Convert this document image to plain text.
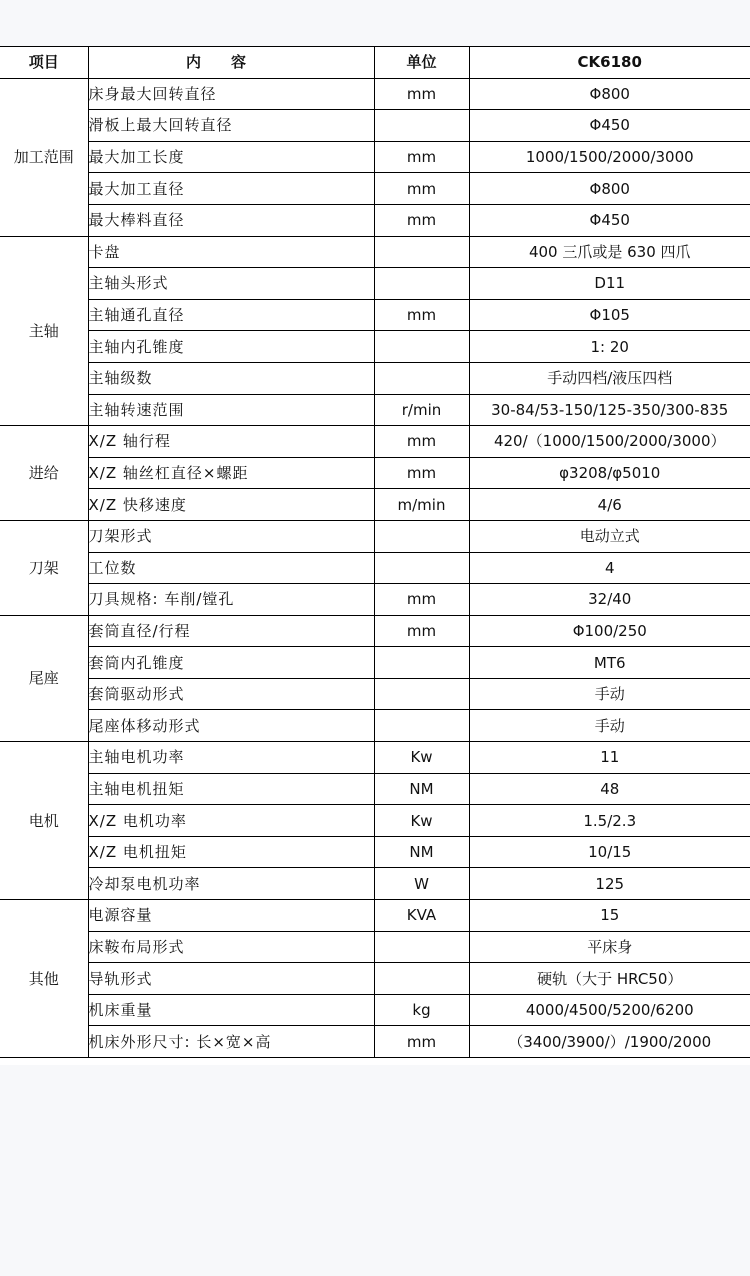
项目	内容	单位	CK6180
加工范围	床身最大回转直径	mm	Φ800
	滑板上最大回转直径		Φ450
	最大加工长度	mm	1000/1500/2000/3000
	最大加工直径	mm	Φ800
	最大棒料直径	mm	Φ450
主轴	卡盘		400 三爪或是 630 四爪
	主轴头形式		D11
	主轴通孔直径	mm	Φ105
	主轴内孔锥度		1: 20
	主轴级数		手动四档/液压四档
	主轴转速范围	r/min	30-84/53-150/125-350/300-835
进给	X/Z 轴行程	mm	420/（1000/1500/2000/3000）
	X/Z 轴丝杠直径×螺距	mm	φ3208/φ5010
	X/Z 快移速度	m/min	4/6
刀架	刀架形式		电动立式
	工位数		4
	刀具规格: 车削/镗孔	mm	32/40
尾座	套筒直径/行程	mm	Φ100/250
	套筒内孔锥度		MT6
	套筒驱动形式		手动
	尾座体移动形式		手动
电机	主轴电机功率	Kw	11
	主轴电机扭矩	NM	48
	X/Z 电机功率	Kw	1.5/2.3
	X/Z 电机扭矩	NM	10/15
	冷却泵电机功率	W	125
其他	电源容量	KVA	15
	床鞍布局形式		平床身
	导轨形式		硬轨（大于 HRC50）
	机床重量	kg	4000/4500/5200/6200
	机床外形尺寸: 长×宽×高	mm	（3400/3900/）/1900/2000
